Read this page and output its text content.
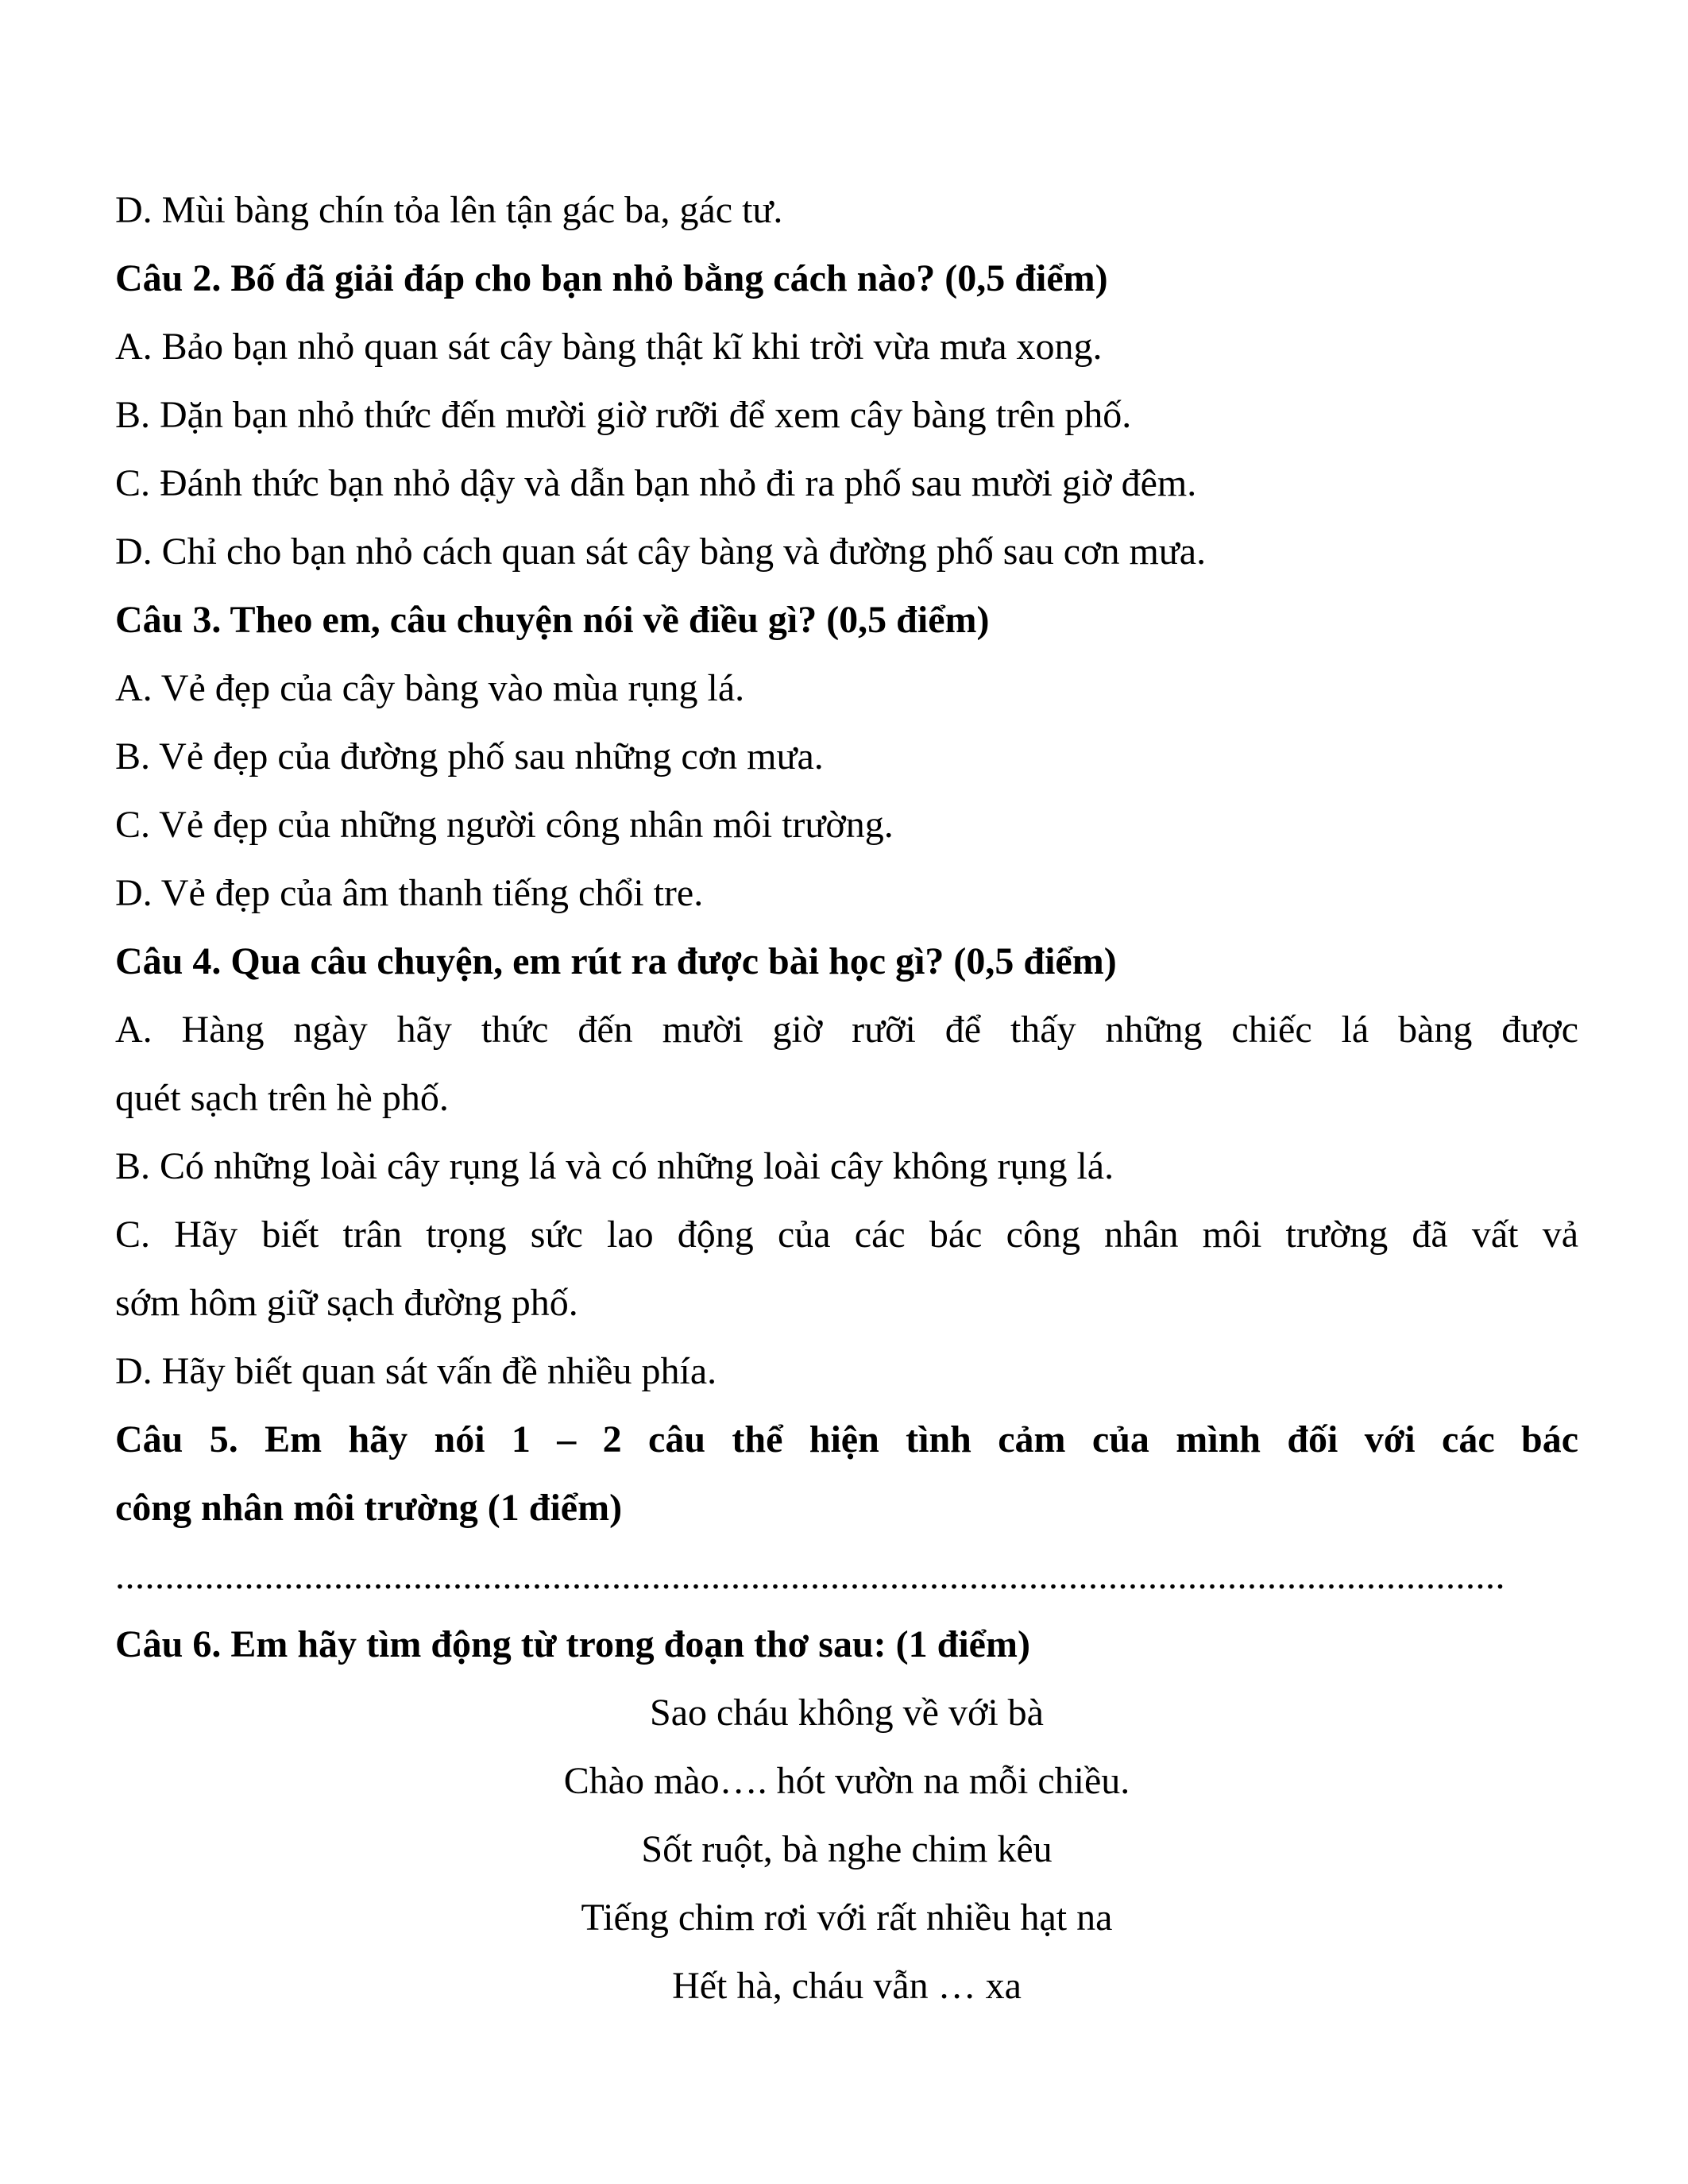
D. Mùi bàng chín tỏa lên tận gác ba, gác tư.

Câu 2. Bố đã giải đáp cho bạn nhỏ bằng cách nào? (0,5 điểm)

A. Bảo bạn nhỏ quan sát cây bàng thật kĩ khi trời vừa mưa xong.

B. Dặn bạn nhỏ thức đến mười giờ rưỡi để xem cây bàng trên phố.

C. Đánh thức bạn nhỏ dậy và dẫn bạn nhỏ đi ra phố sau mười giờ đêm.

D. Chỉ cho bạn nhỏ cách quan sát cây bàng và đường phố sau cơn mưa.

Câu 3. Theo em, câu chuyện nói về điều gì? (0,5 điểm)

A. Vẻ đẹp của cây bàng vào mùa rụng lá.

B. Vẻ đẹp của đường phố sau những cơn mưa.

C. Vẻ đẹp của những người công nhân môi trường.

D. Vẻ đẹp của âm thanh tiếng chổi tre.

Câu 4. Qua câu chuyện, em rút ra được bài học gì? (0,5 điểm)

A. Hàng ngày hãy thức đến mười giờ rưỡi để thấy những chiếc lá bàng được

quét sạch trên hè phố.

B. Có những loài cây rụng lá và có những loài cây không rụng lá.

C. Hãy biết trân trọng sức lao động của các bác công nhân môi trường đã vất vả

sớm hôm giữ sạch đường phố.

D. Hãy biết quan sát vấn đề nhiều phía.

Câu 5. Em hãy nói 1 – 2 câu thể hiện tình cảm của mình đối với các bác

công nhân môi trường (1 điểm)

............................................................................................................................................

Câu 6. Em hãy tìm động từ trong đoạn thơ sau: (1 điểm)

Sao cháu không về với bà

Chào mào…. hót vườn na mỗi chiều.

Sốt ruột, bà nghe chim kêu

Tiếng chim rơi với rất nhiều hạt na

Hết hà, cháu vẫn … xa
